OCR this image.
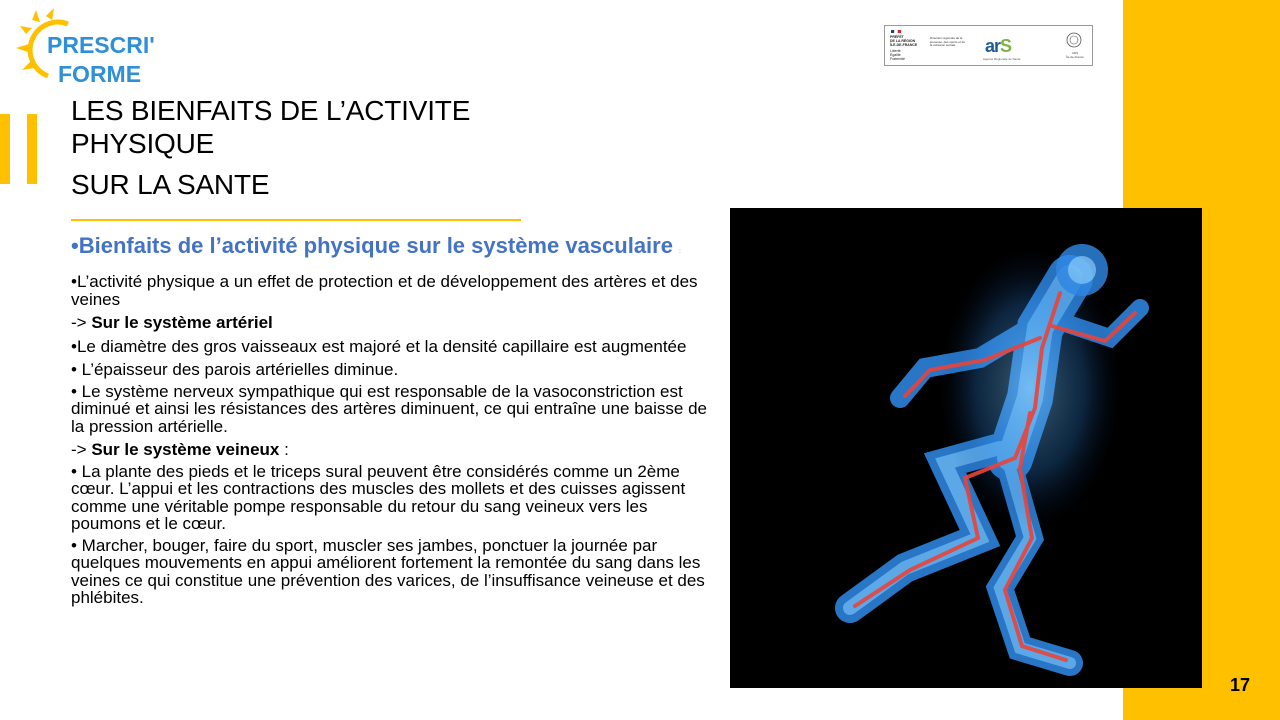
PRESCRI'
FORME
PRÉFET
DE LA RÉGION
ÎLE-DE-FRANCE
Liberté
Égalité
Fraternité
Direction régionale de la jeunesse, des sports et de la cohésion sociale	arS
Agence Régionale de Santé
ARS
Île-de-France
LES BIENFAITS DE L’ACTIVITE
PHYSIQUE
SUR LA SANTE
•Bienfaits de l’activité physique sur le système vasculaire :
•L’activité physique a un effet de protection et de développement des artères et des veines
-> Sur le système artériel
•Le diamètre des gros vaisseaux est majoré et la densité capillaire est augmentée
• L’épaisseur des parois artérielles diminue.
• Le système nerveux sympathique qui est responsable de la vasoconstriction est diminué et ainsi les résistances des artères diminuent, ce qui entraîne une baisse de la pression artérielle.
-> Sur le système veineux :
• La plante des pieds et le triceps sural peuvent être considérés comme un 2ème cœur. L’appui et les contractions des muscles des mollets et des cuisses agissent comme une véritable pompe responsable du retour du sang veineux vers les poumons et le cœur.
• Marcher, bouger, faire du sport, muscler ses jambes, ponctuer la journée par quelques mouvements en appui améliorent fortement la remontée du sang dans les veines ce qui constitue une prévention des varices, de l’insuffisance veineuse et des phlébites.
17
